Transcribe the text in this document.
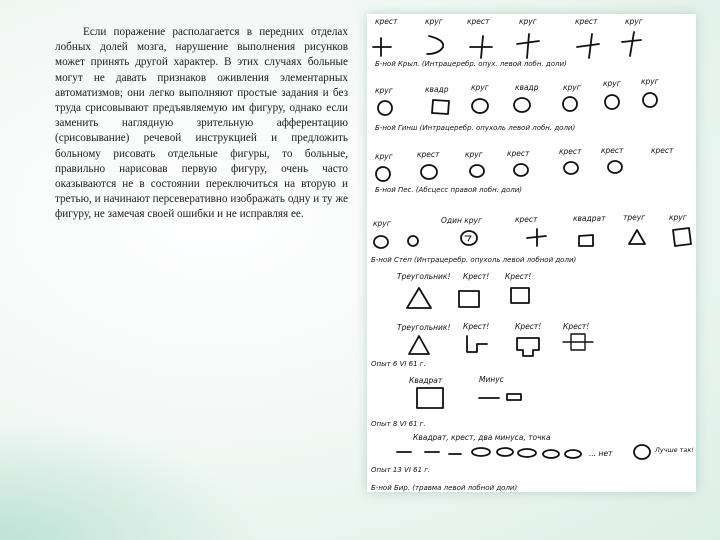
Если поражение располагается в передних отделах лобных долей мозга, нарушение выполнения рисунков может принять другой характер. В этих случаях больные могут не давать признаков оживления элементарных автоматизмов; они легко выполняют простые задания и без труда срисовывают предъявляемую им фигуру, однако если заменить наглядную зрительную афферентацию (срисовывание) речевой инструкцией и предложить больному рисовать отдельные фигуры, то больные, правильно нарисовав первую фигуру, очень часто оказываются не в состоянии переключиться на вторую и третью, и начинают персеверативно изображать одну и ту же фигуру, не замечая своей ошибки и не исправляя ее.

крест	круг	крест	круг	крест	круг
Б-ной Крыл. (Интрацеребр. опух. левой лобн. доли)
круг	квадр	круг	квадр	круг	круг	круг
Б-ной Гинш (Интрацеребр. опухоль левой лобн. доли)
круг	крест	круг	крест	крест	крест	крест
Б-ной Пес. (Абсцесс правой лобн. доли)
круг	Один круг	крест	квадрат треуг	круг
Б-ной Степ (Интрацеребр. опухоль левой лобной доли)
Треугольник! Крест! Крест!
Треугольник! Крест!	Крест!	Крест!
Опыт 6 VI 61 г.
Квадрат	Минус
Опыт 8 VI 61 г.
Квадрат, крест, два минуса, точка
... нет	Лучше так!
Опыт 13 VI 61 г.
Б-ной Бир. (травма левой лобной доли)
